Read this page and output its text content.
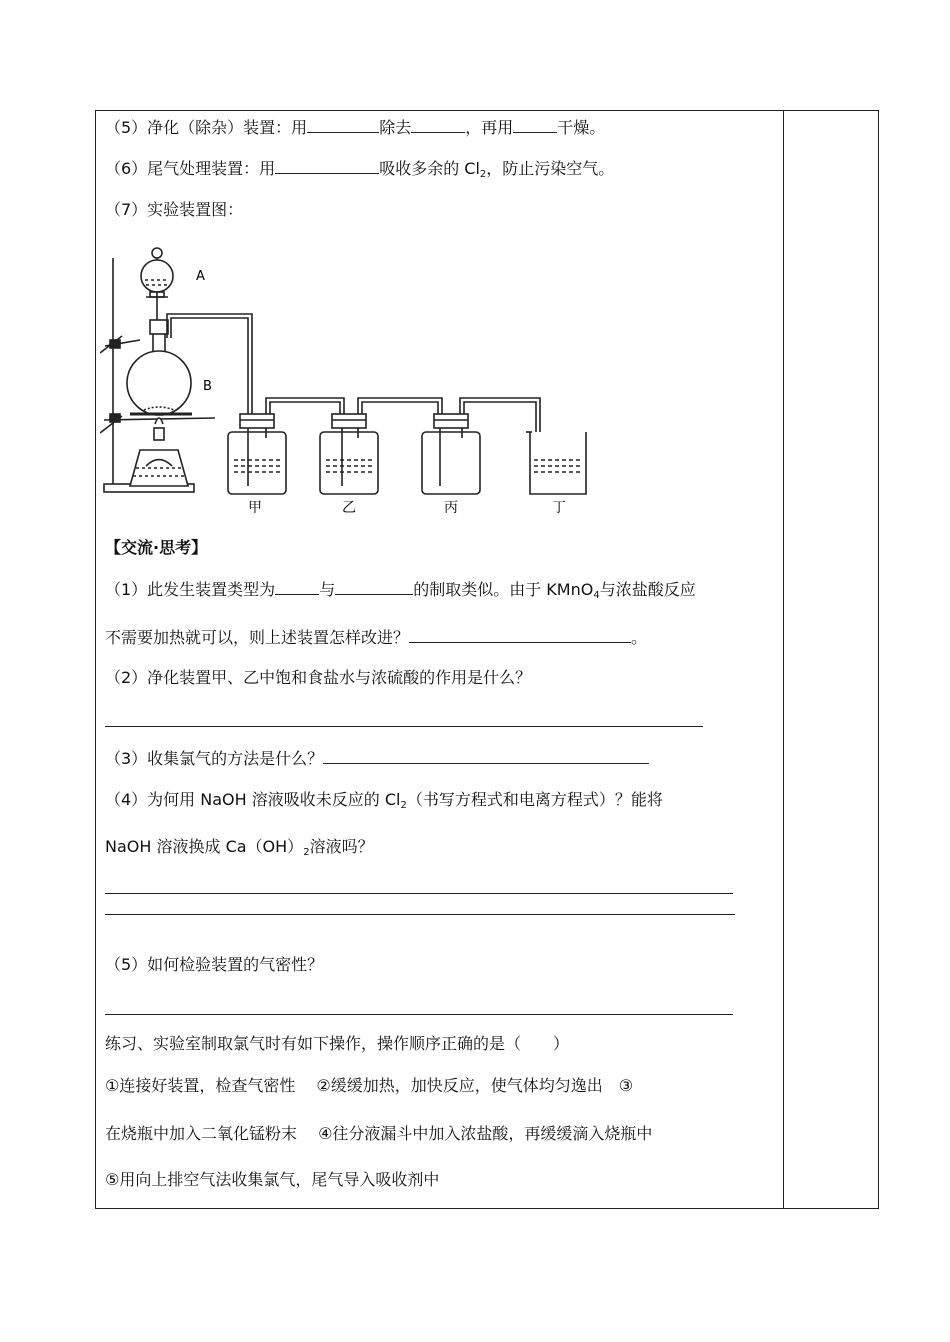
（5）净化（除杂）装置：用	除去	，再用	干燥。
（6）尾气处理装置：用	吸收多余的 $Cl_2$，防止污染空气。
（7）实验装置图：
A
B
甲	乙	丙	丁
【交流·思考】
（1）此发生装置类型为	与	的制取类似。由于 KMnO$_4$与浓盐酸反应
不需要加热就可以，则上述装置怎样改进？	。
（2）净化装置甲、乙中饱和食盐水与浓硫酸的作用是什么？
（3）收集氯气的方法是什么？
（4）为何用 NaOH 溶液吸收未反应的 $Cl_2$（书写方程式和电离方程式）？能将
NaOH 溶液换成 $Ca(OH)_2$溶液吗？
（5）如何检验装置的气密性？
练习、实验室制取氯气时有如下操作，操作顺序正确的是（　　）
①连接好装置，检查气密性　 ②缓缓加热，加快反应，使气体均匀逸出　③
在烧瓶中加入二氧化锰粉末　 ④往分液漏斗中加入浓盐酸，再缓缓滴入烧瓶中
⑤用向上排空气法收集氯气，尾气导入吸收剂中
